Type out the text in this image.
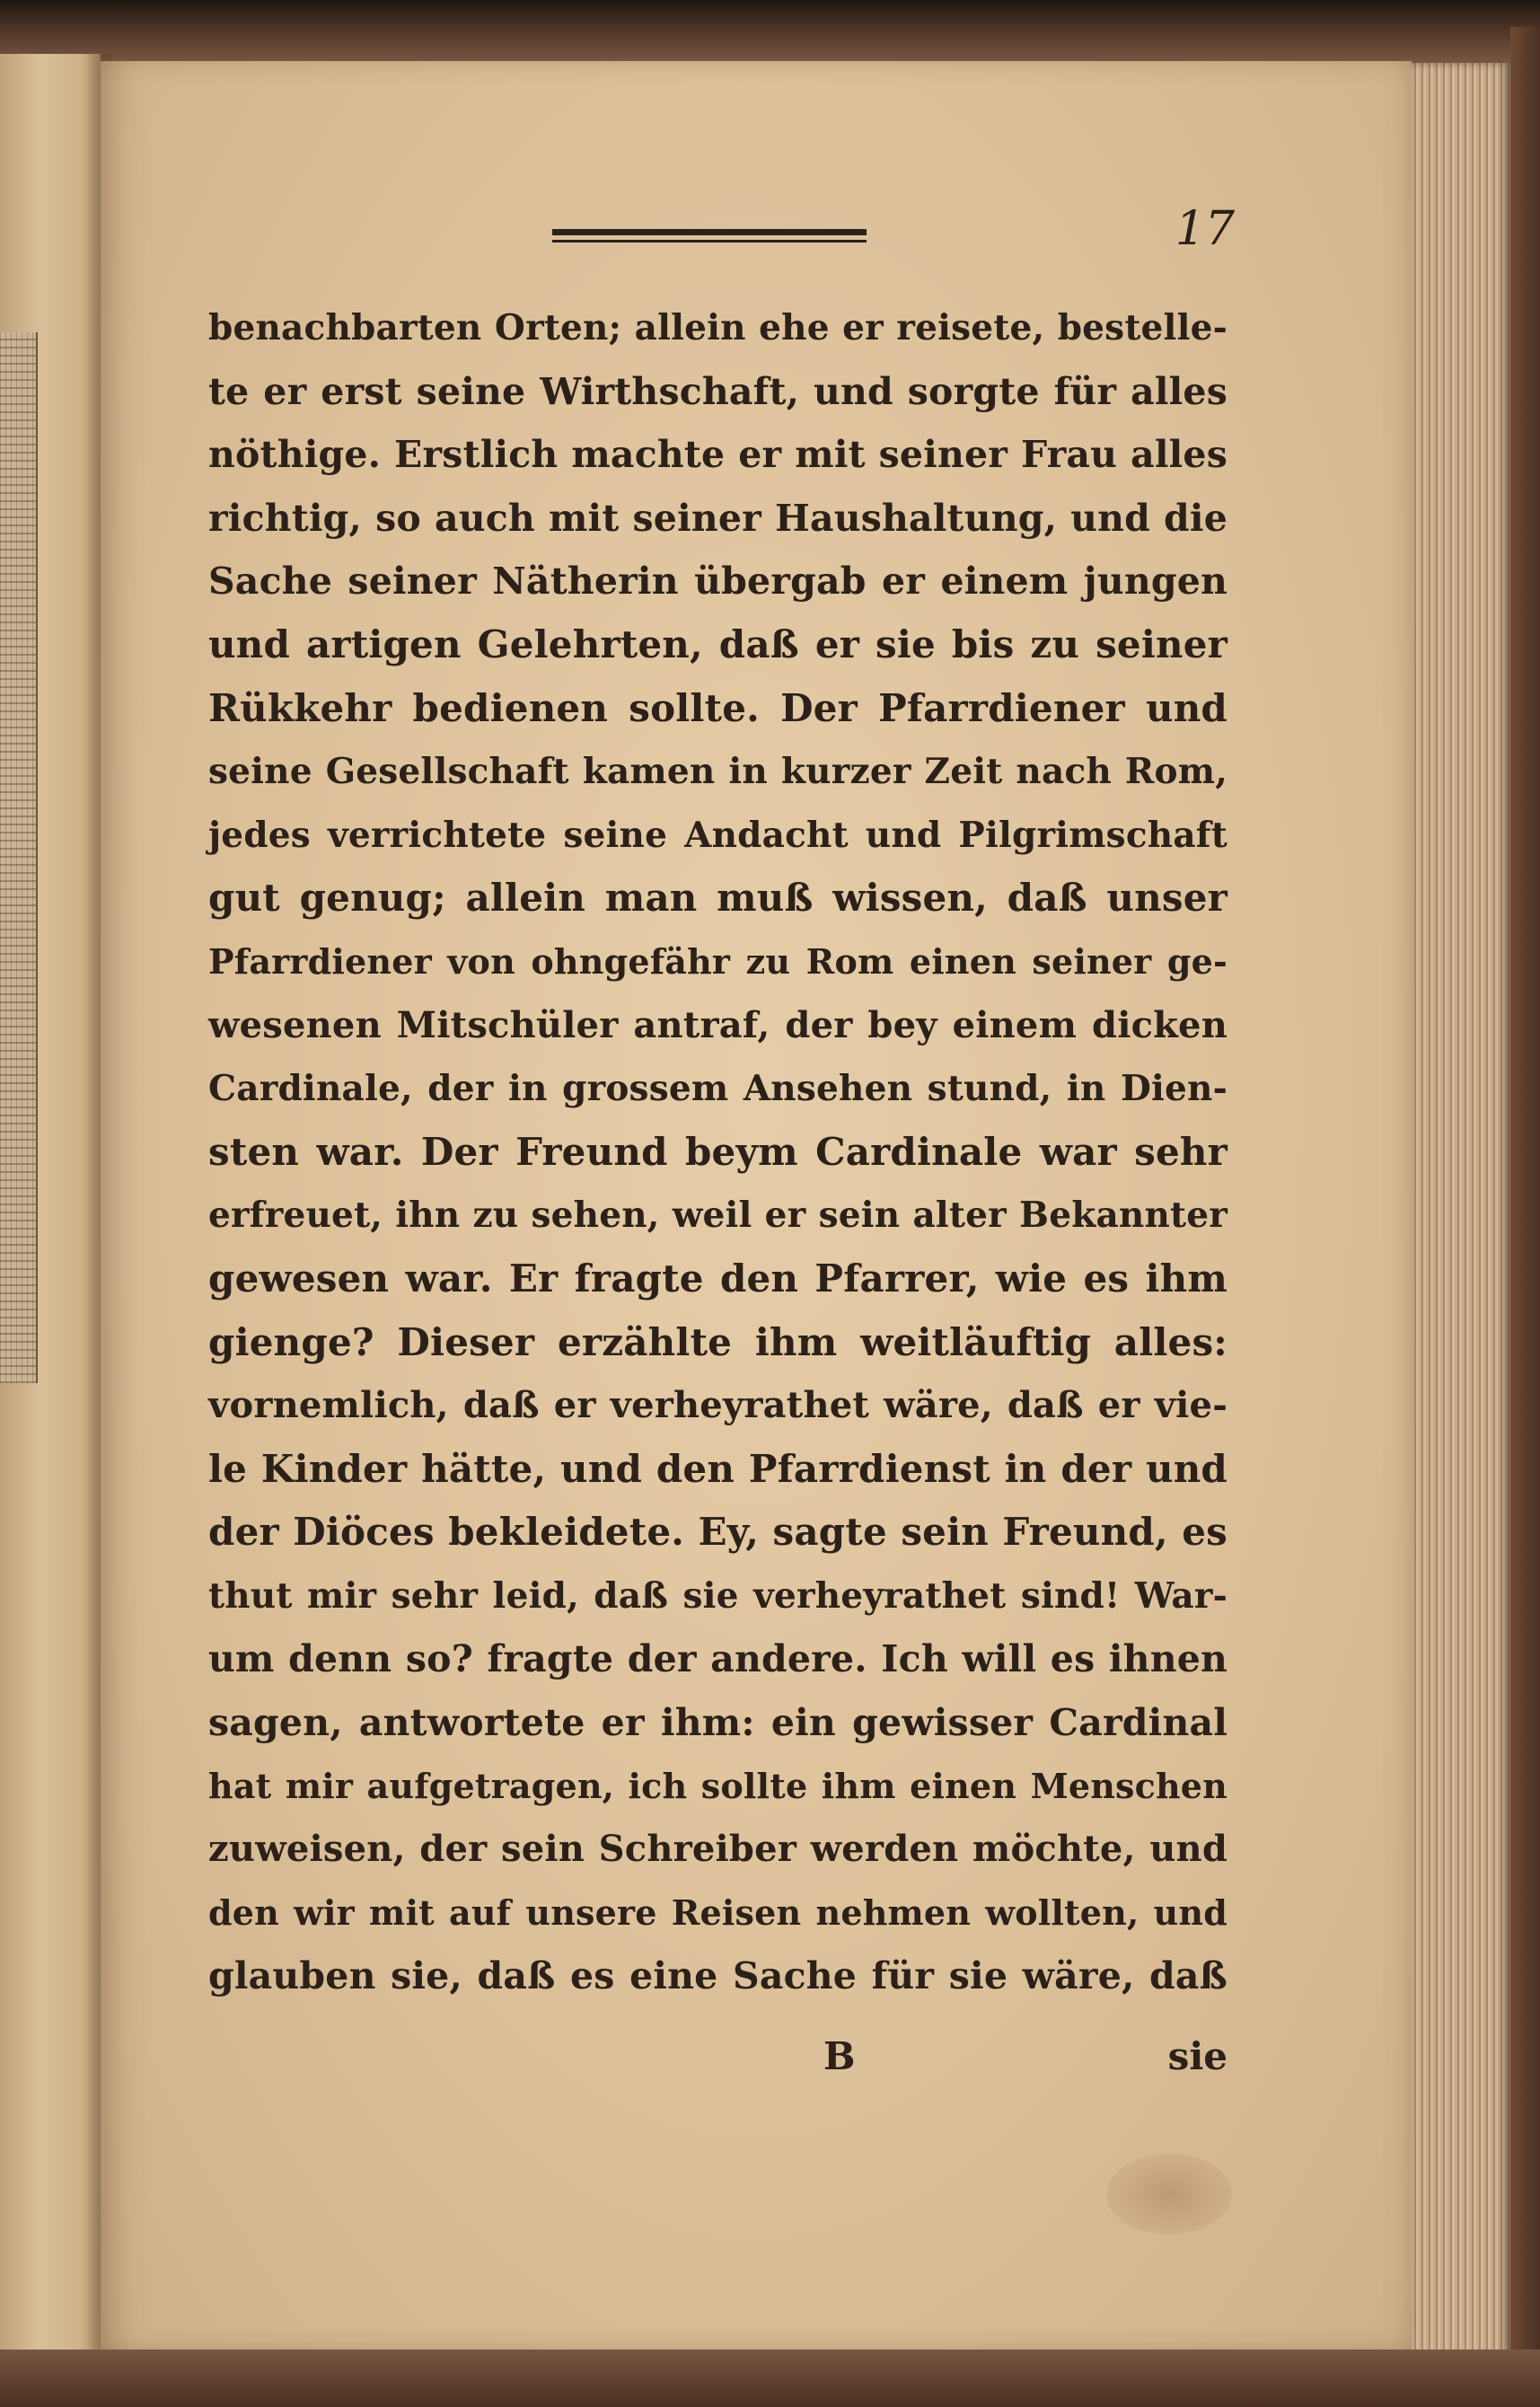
17
benachbarten Orten; allein ehe er reisete, bestelle-
te er erst seine Wirthschaft, und sorgte für alles
nöthige. Erstlich machte er mit seiner Frau alles
richtig, so auch mit seiner Haushaltung, und die
Sache seiner Nätherin übergab er einem jungen
und artigen Gelehrten, daß er sie bis zu seiner
Rükkehr bedienen sollte. Der Pfarrdiener und
seine Gesellschaft kamen in kurzer Zeit nach Rom,
jedes verrichtete seine Andacht und Pilgrimschaft
gut genug; allein man muß wissen, daß unser
Pfarrdiener von ohngefähr zu Rom einen seiner ge-
wesenen Mitschüler antraf, der bey einem dicken
Cardinale, der in grossem Ansehen stund, in Dien-
sten war. Der Freund beym Cardinale war sehr
erfreuet, ihn zu sehen, weil er sein alter Bekannter
gewesen war. Er fragte den Pfarrer, wie es ihm
gienge? Dieser erzählte ihm weitläuftig alles:
vornemlich, daß er verheyrathet wäre, daß er vie-
le Kinder hätte, und den Pfarrdienst in der und
der Diöces bekleidete. Ey, sagte sein Freund, es
thut mir sehr leid, daß sie verheyrathet sind! War-
um denn so? fragte der andere. Ich will es ihnen
sagen, antwortete er ihm: ein gewisser Cardinal
hat mir aufgetragen, ich sollte ihm einen Menschen
zuweisen, der sein Schreiber werden möchte, und
den wir mit auf unsere Reisen nehmen wollten, und
glauben sie, daß es eine Sache für sie wäre, daß
B	sie
